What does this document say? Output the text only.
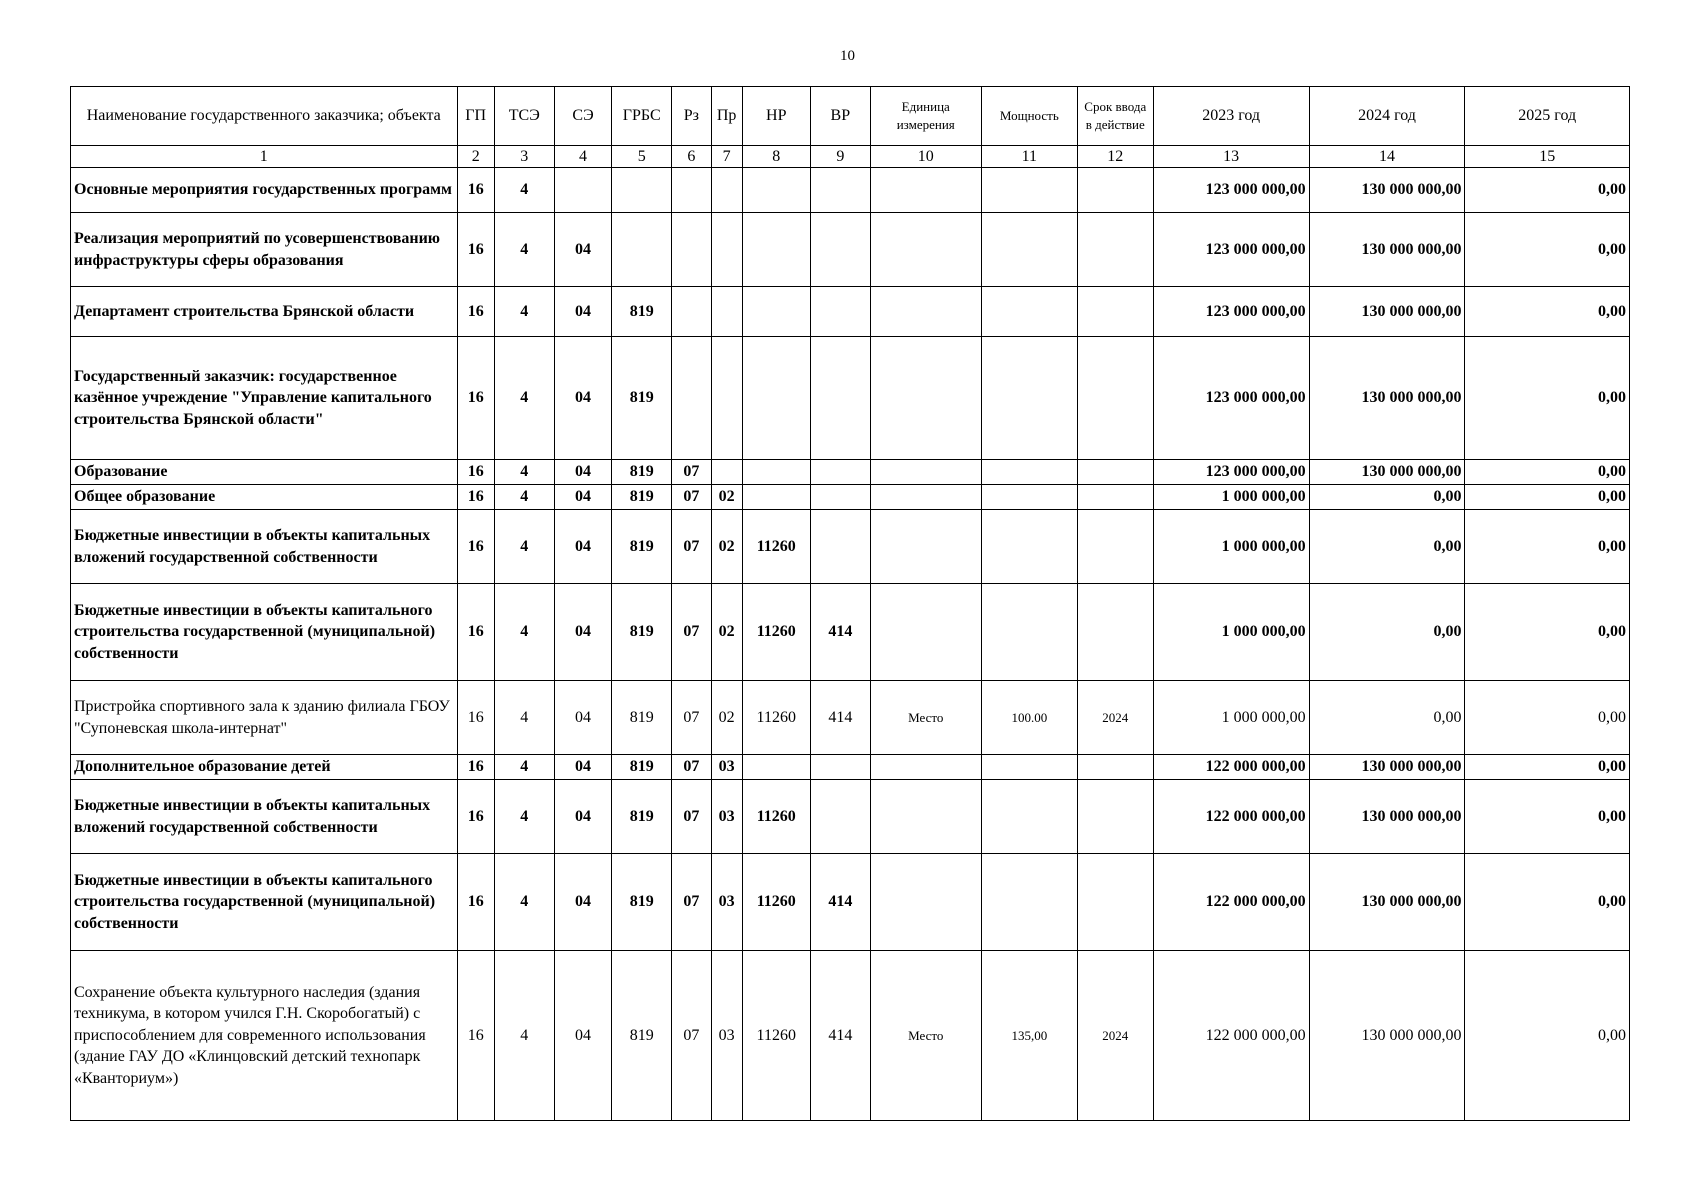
10
Наименование государственного заказчика; объекта	ГП	ТСЭ	СЭ	ГРБС	Рз	Пр	НР	ВР	Единица измерения	Мощность	Срок ввода в действие	2023 год	2024 год	2025 год
1	2	3	4	5	6	7	8	9	10	11	12	13	14	15
Основные мероприятия государственных программ	16	4										123 000 000,00	130 000 000,00	0,00
Реализация мероприятий по усовершенствованию инфраструктуры сферы образования	16	4	04									123 000 000,00	130 000 000,00	0,00
Департамент строительства Брянской области	16	4	04	819								123 000 000,00	130 000 000,00	0,00
Государственный заказчик: государственное казённое учреждение "Управление капитального строительства Брянской области"	16	4	04	819								123 000 000,00	130 000 000,00	0,00
Образование	16	4	04	819	07							123 000 000,00	130 000 000,00	0,00
Общее образование	16	4	04	819	07	02						1 000 000,00	0,00	0,00
Бюджетные инвестиции в объекты капитальных вложений государственной собственности	16	4	04	819	07	02	11260					1 000 000,00	0,00	0,00
Бюджетные инвестиции в объекты капитального строительства государственной (муниципальной) собственности	16	4	04	819	07	02	11260	414				1 000 000,00	0,00	0,00
Пристройка спортивного зала к зданию филиала ГБОУ "Супоневская школа-интернат"	16	4	04	819	07	02	11260	414	Место	100.00	2024	1 000 000,00	0,00	0,00
Дополнительное образование детей	16	4	04	819	07	03						122 000 000,00	130 000 000,00	0,00
Бюджетные инвестиции в объекты капитальных вложений государственной собственности	16	4	04	819	07	03	11260					122 000 000,00	130 000 000,00	0,00
Бюджетные инвестиции в объекты капитального строительства государственной (муниципальной) собственности	16	4	04	819	07	03	11260	414				122 000 000,00	130 000 000,00	0,00
Сохранение объекта культурного наследия (здания техникума, в котором учился Г.Н. Скоробогатый) с приспособлением для современного использования (здание ГАУ ДО «Клинцовский детский технопарк «Кванториум»)	16	4	04	819	07	03	11260	414	Место	135,00	2024	122 000 000,00	130 000 000,00	0,00
